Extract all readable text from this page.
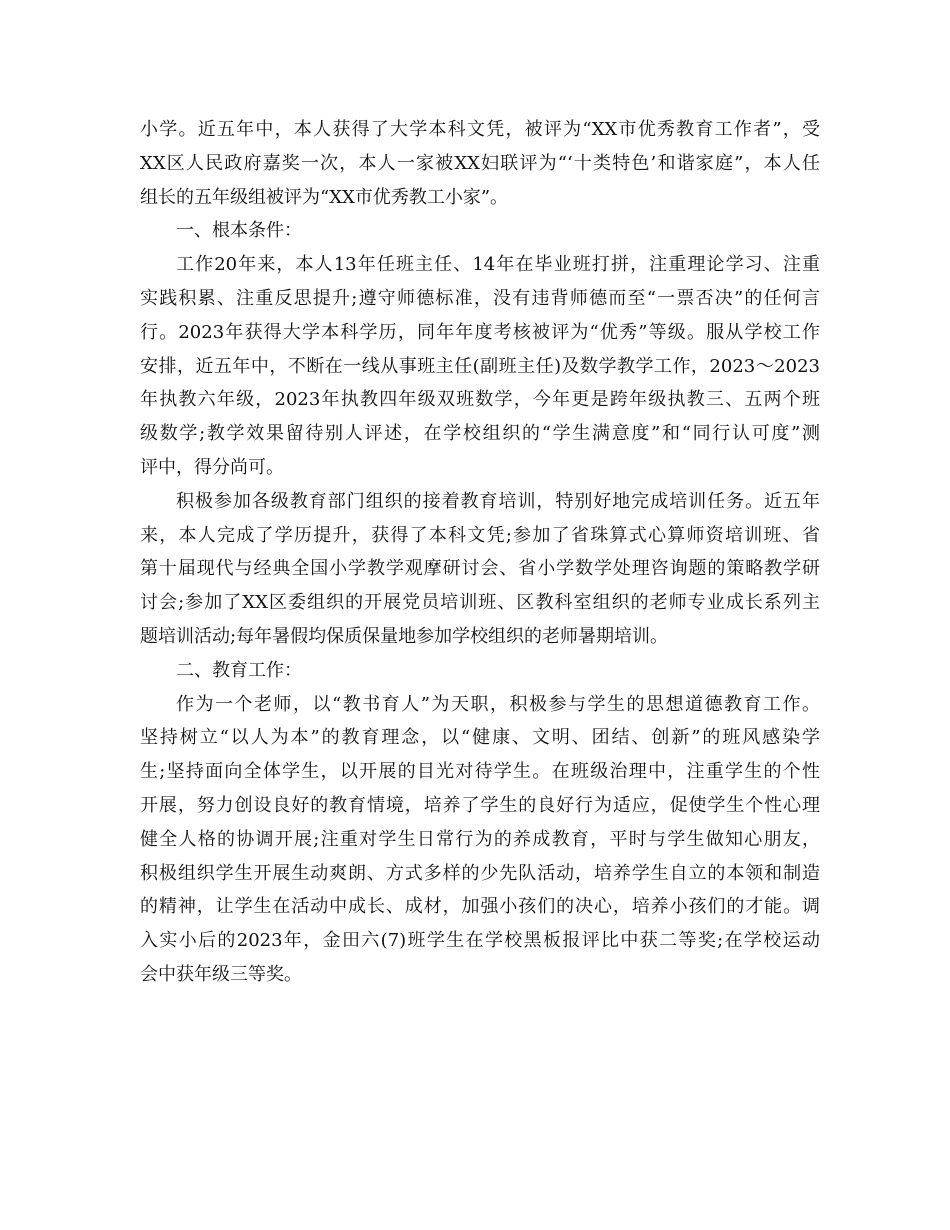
小学。近五年中，本人获得了大学本科文凭，被评为“XX市优秀教育工作者”，受
XX区人民政府嘉奖一次，本人一家被XX妇联评为“‘十类特色’和谐家庭”，本人任
组长的五年级组被评为“XX市优秀教工小家”。
一、根本条件：
工作20年来，本人13年任班主任、14年在毕业班打拼，注重理论学习、注重
实践积累、注重反思提升;遵守师德标准，没有违背师德而至“一票否决”的任何言
行。2023年获得大学本科学历，同年年度考核被评为“优秀”等级。服从学校工作
安排，近五年中，不断在一线从事班主任(副班主任)及数学教学工作，2023～2023
年执教六年级，2023年执教四年级双班数学，今年更是跨年级执教三、五两个班
级数学;教学效果留待别人评述，在学校组织的“学生满意度”和“同行认可度”测
评中，得分尚可。
积极参加各级教育部门组织的接着教育培训，特别好地完成培训任务。近五年
来，本人完成了学历提升，获得了本科文凭;参加了省珠算式心算师资培训班、省
第十届现代与经典全国小学教学观摩研讨会、省小学数学处理咨询题的策略教学研
讨会;参加了XX区委组织的开展党员培训班、区教科室组织的老师专业成长系列主
题培训活动;每年暑假均保质保量地参加学校组织的老师暑期培训。
二、教育工作：
作为一个老师，以“教书育人”为天职，积极参与学生的思想道德教育工作。
坚持树立“以人为本”的教育理念，以“健康、文明、团结、创新”的班风感染学
生;坚持面向全体学生，以开展的目光对待学生。在班级治理中，注重学生的个性
开展，努力创设良好的教育情境，培养了学生的良好行为适应，促使学生个性心理
健全人格的协调开展;注重对学生日常行为的养成教育，平时与学生做知心朋友，
积极组织学生开展生动爽朗、方式多样的少先队活动，培养学生自立的本领和制造
的精神，让学生在活动中成长、成材，加强小孩们的决心，培养小孩们的才能。调
入实小后的2023年，金田六(7)班学生在学校黑板报评比中获二等奖;在学校运动
会中获年级三等奖。
